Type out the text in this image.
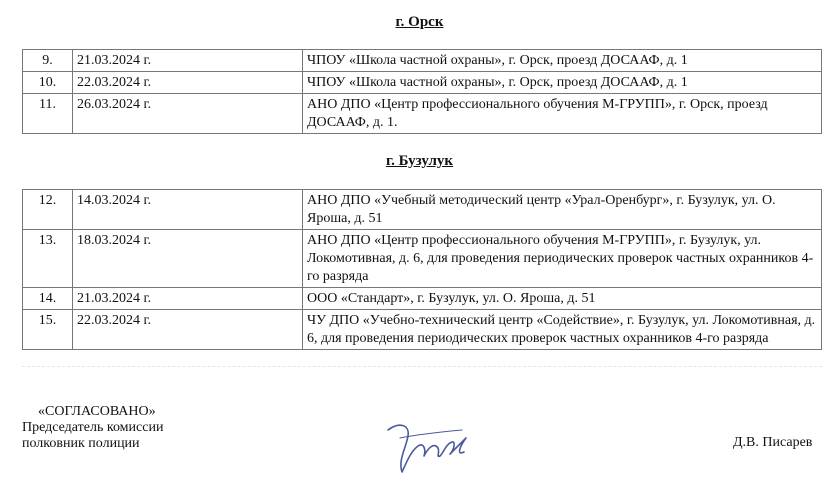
г. Орск
9.	21.03.2024 г.	ЧПОУ «Школа частной охраны», г. Орск, проезд ДОСААФ, д. 1
10.	22.03.2024 г.	ЧПОУ «Школа частной охраны», г. Орск, проезд ДОСААФ, д. 1
11.	26.03.2024 г.	АНО ДПО «Центр профессионального обучения М-ГРУПП», г. Орск, проезд ДОСААФ, д. 1.
г. Бузулук
12.	14.03.2024 г.	АНО ДПО «Учебный методический центр «Урал-Оренбург», г. Бузулук, ул. О. Яроша, д. 51
13.	18.03.2024 г.	АНО ДПО «Центр профессионального обучения М-ГРУПП», г. Бузулук, ул. Локомотивная, д. 6, для проведения периодических проверок частных охранников 4-го разряда
14.	21.03.2024 г.	ООО «Стандарт», г. Бузулук, ул. О. Яроша, д. 51
15.	22.03.2024 г.	ЧУ ДПО «Учебно-технический центр «Содействие», г. Бузулук, ул. Локомотивная, д. 6, для проведения периодических проверок частных охранников 4-го разряда
«СОГЛАСОВАНО»
Председатель комиссии
полковник полиции	Д.В. Писарев
